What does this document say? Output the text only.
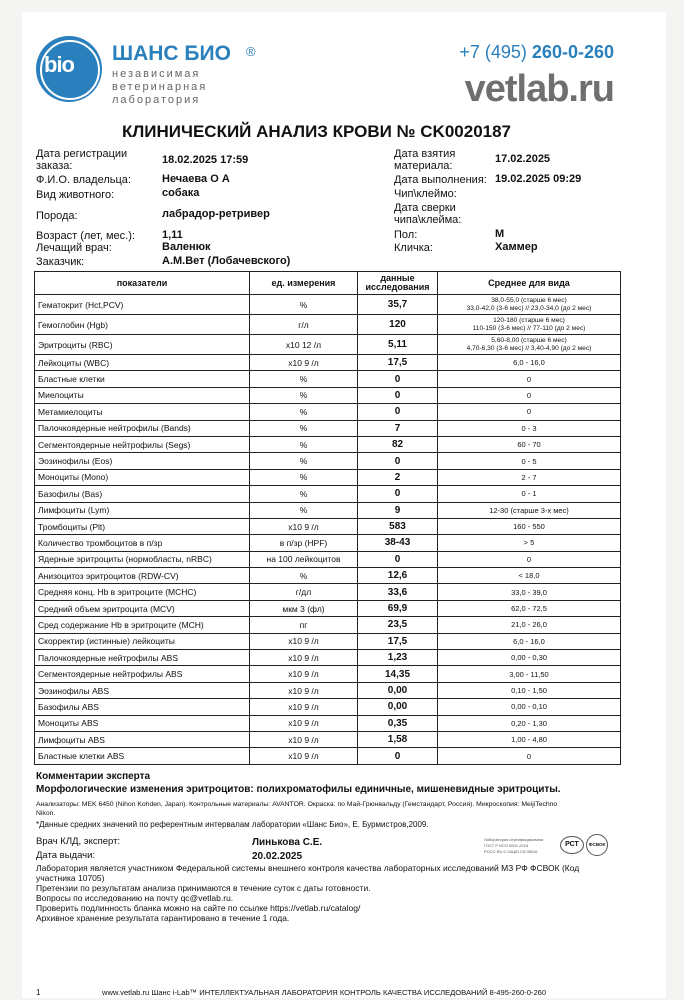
bio ШАНС БИО ®
независимая
ветеринарная
лаборатория
+7 (495) 260-0-260
vetlab.ru
КЛИНИЧЕСКИЙ АНАЛИЗ КРОВИ № CK0020187
Дата регистрации
заказа:	18.02.2025 17:59
Ф.И.О. владельца:	Нечаева О А
Вид животного:	собака
Порода:	лабрадор-ретривер
Возраст (лет, мес.): 1,11
Лечащий врач:	Валенюк
Заказчик:	А.М.Вет (Лобачевского)
Дата взятия
материала:
17.02.2025
Дата выполнения: 19.02.2025 09:29
Чип\клеймо:
Дата сверки
чипа\клейма:
Пол:	М
Кличка:	Хаммер
показатели	ед. измерения	данные исследования	Среднее для вида
Гематокрит (Hct,PCV)	%	35,7	38,0-55,0 (старше 6 мес)
33,0-42,0 (3-6 мес) // 23,0-34,0 (до 2 мес)

Гемоглобин (Hgb)	г/л	120	120-180 (старше 6 мес)
110-150 (3-6 мес) // 77-110 (до 2 мес)

Эритроциты (RBC)	x10 12 /л	5,11	5,60-8,00 (старше 6 мес)
4,70-6,30 (3-6 мес) // 3,40-4,90 (до 2 мес)

Лейкоциты (WBC)	x10 9 /л	17,5	6,0 - 16,0

Бластные клетки	%	0	0

Миелоциты	%	0	0

Метамиелоциты	%	0	0

Палочкоядерные нейтрофилы (Bands)	%	7	0 - 3

Сегментоядерные нейтрофилы (Segs)	%	82	60 - 70

Эозинофилы (Eos)	%	0	0 - 5

Моноциты (Mono)	%	2	2 - 7

Базофилы (Bas)	%	0	0 - 1

Лимфоциты (Lym)	%	9	12-30 (старше 3-х мес)

Тромбоциты (Plt)	x10 9 /л	583	160 - 550

Количество тромбоцитов в п/зр	в п/зр (HPF)	38-43	> 5

Ядерные эритроциты (нормобласты, nRBC)	на 100 лейкоцитов	0	0

Анизоцитоз эритроцитов (RDW-CV)	%	12,6	< 18,0

Средняя конц. Hb в эритроците (MCHC)	г/дл	33,6	33,0 - 39,0

Средний объем эритроцита (MCV)	мкм 3 (фл)	69,9	62,0 - 72,5

Сред содержание Hb в эритроците (MCH)	пг	23,5	21,0 - 26,0

Скорректир (истинные) лейкоциты	x10 9 /л	17,5	6,0 - 16,0

Палочкоядерные нейтрофилы ABS	x10 9 /л	1,23	0,00 - 0,30

Сегментоядерные нейтрофилы ABS	x10 9 /л	14,35	3,00 - 11,50

Эозинофилы ABS	x10 9 /л	0,00	0,10 - 1,50

Базофилы ABS	x10 9 /л	0,00	0,00 - 0,10

Моноциты ABS	x10 9 /л	0,35	0,20 - 1,30

Лимфоциты ABS	x10 9 /л	1,58	1,00 - 4,80

Бластные клетки ABS	x10 9 /л	0	0
Комментарии эксперта
Морфологические изменения эритроцитов: полихроматофилы единичные, мишеневидные эритроциты.
Анализаторы: MEK 6450 (Nihon Kohden, Japan). Контрольные материалы: AVANTOR. Окраска: по Май-Грюнвальду (Гемстандарт, Россия). Микроскопия: MeijiTechno
Nikon.
*Данные средних значений по референтным интервалам лаборатории «Шанс Био», Е. Бурмистров,2009.
Врач КЛД, эксперт:	Линькова С.Е.
Дата выдачи:	20.02.2025
Лаборатория сертифицирована
ГОСТ Р ИСО 9001-2015
РОСС RU.C.04ЦЮ.СК.00016
РСТ	ФСВОК
Лаборатория является участником Федеральной системы внешнего контроля качества лабораторных исследований МЗ РФ ФСВОК (Код
участника 10705)
Претензии по результатам анализа принимаются в течение суток с даты готовности.
Вопросы по исследованию на почту qc@vetlab.ru.
Проверить подлинность бланка можно на сайте по ссылке https://vetlab.ru/catalog/
Архивное хранение результата гарантировано в течение 1 года.
1	www.vetlab.ru Шанс i-Lab™ ИНТЕЛЛЕКТУАЛЬНАЯ ЛАБОРАТОРИЯ КОНТРОЛЬ КАЧЕСТВА ИССЛЕДОВАНИЙ 8-495-260-0-260
